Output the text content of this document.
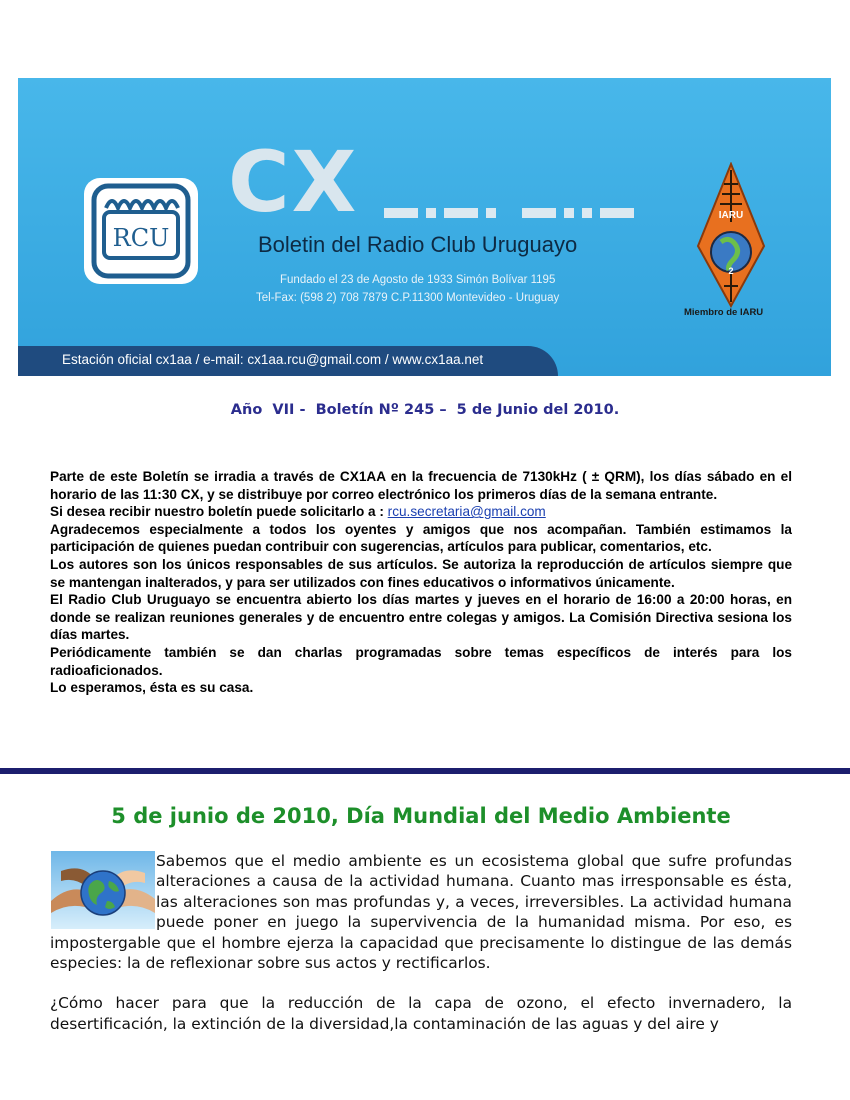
RCU
CX
Boletin del Radio Club Uruguayo
Fundado el 23 de Agosto de 1933 Simón Bolívar 1195
Tel-Fax: (598 2) 708 7879 C.P.11300 Montevideo - Uruguay
IARU
2
Miembro de IARU
Estación oficial cx1aa / e-mail: cx1aa.rcu@gmail.com / www.cx1aa.net
Año  VII -  Boletín Nº 245 –  5 de Junio del 2010.

Parte de este Boletín se irradia a través de CX1AA en la frecuencia de 7130kHz ( ± QRM), los días sábado en el horario de las 11:30 CX, y se distribuye por correo electrónico los primeros días de la semana entrante.

Si desea recibir nuestro boletín puede solicitarlo a : rcu.secretaria@gmail.com

Agradecemos especialmente a todos los oyentes y amigos que nos acompañan. También estimamos la participación de quienes puedan contribuir con sugerencias, artículos para publicar, comentarios, etc.

Los autores son los únicos responsables de sus artículos. Se autoriza la reproducción de artículos siempre que se mantengan inalterados, y para ser utilizados con fines educativos o informativos únicamente.

El Radio Club Uruguayo se encuentra abierto los días martes y jueves en el horario de 16:00 a 20:00 horas, en donde se realizan reuniones generales y de encuentro entre colegas y amigos. La Comisión Directiva sesiona los días martes.

Periódicamente también se dan charlas programadas sobre temas específicos de interés para los radioaficionados.

Lo esperamos, ésta es su casa.

5 de junio de 2010, Día Mundial del Medio Ambiente

Sabemos que el medio ambiente es un ecosistema global que sufre profundas alteraciones a causa de la actividad humana. Cuanto mas irresponsable es ésta, las alteraciones son mas profundas y, a veces, irreversibles. La actividad humana puede poner en juego la supervivencia de la humanidad misma. Por eso, es impostergable que el hombre ejerza la capacidad que precisamente lo distingue de las demás especies: la de reflexionar sobre sus actos y rectificarlos.

¿Cómo hacer para que la reducción de la capa de ozono, el efecto invernadero, la desertificación, la extinción de la diversidad,la contaminación de las aguas y del aire y
